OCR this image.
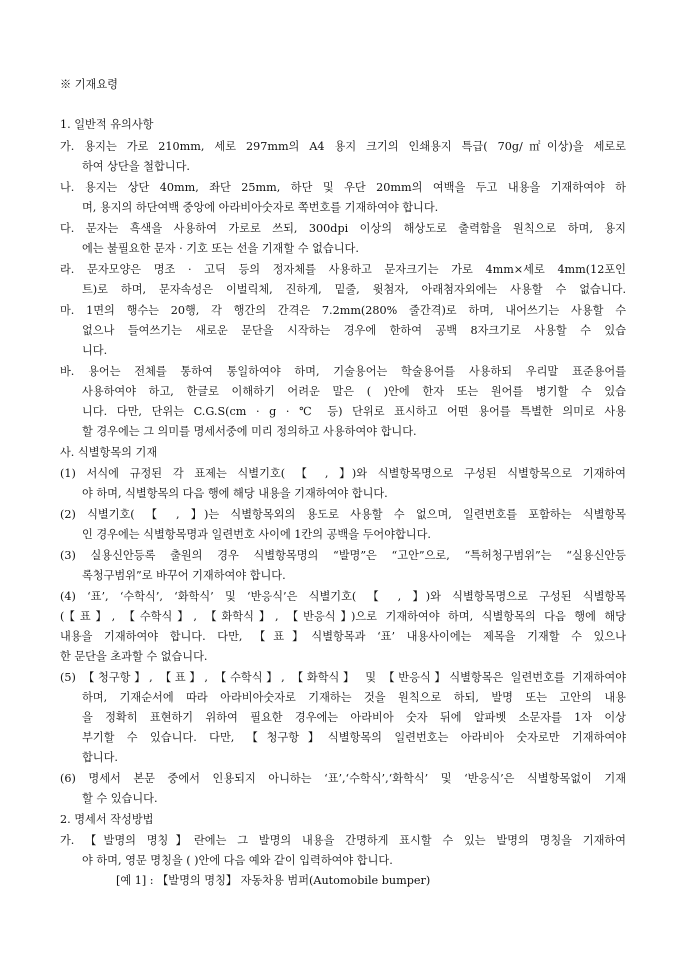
※ 기재요령
1. 일반적 유의사항
가. 용지는 가로 210mm, 세로 297mm의 A4 용지 크기의 인쇄용지 특급( 70g/㎡이상)을 세로로
하여 상단을 철합니다.
나. 용지는 상단 40mm, 좌단 25mm, 하단 및 우단 20mm의 여백을 두고 내용을 기재하여야 하
며, 용지의 하단여백 중앙에 아라비아숫자로 쪽번호를 기재하여야 합니다.
다. 문자는 흑색을 사용하여 가로로 쓰되, 300dpi 이상의 해상도로 출력함을 원칙으로 하며, 용지
에는 불필요한 문자 · 기호 또는 선을 기재할 수 없습니다.
라. 문자모양은 명조 · 고딕 등의 정자체를 사용하고 문자크기는 가로 4mm×세로 4mm(12포인
트)로 하며, 문자속성은 이벌릭체, 진하게, 밑줄, 윗첨자, 아래첨자외에는 사용할 수 없습니다.
마. 1면의 행수는 20행, 각 행간의 간격은 7.2mm(280% 줄간격)로 하며, 내어쓰기는 사용할 수
없으나 들여쓰기는 새로운 문단을 시작하는 경우에 한하여 공백 8자크기로 사용할 수 있습
니다.
바. 용어는 전체를 통하여 통일하여야 하며, 기술용어는 학술용어를 사용하되 우리말 표준용어를
사용하여야 하고, 한글로 이해하기 어려운 말은 ( )안에 한자 또는 원어를 병기할 수 있습
니다. 다만, 단위는 C.G.S(cm · g · ℃ 등) 단위로 표시하고 어떤 용어를 특별한 의미로 사용
할 경우에는 그 의미를 명세서중에 미리 정의하고 사용하여야 합니다.
사. 식별항목의 기재
(1) 서식에 규정된 각 표제는 식별기호( 【 , 】)와 식별항목명으로 구성된 식별항목으로 기재하여
야 하며, 식별항목의 다음 행에 해당 내용을 기재하여야 합니다.
(2) 식별기호( 【 , 】)는 식별항목외의 용도로 사용할 수 없으며, 일련번호를 포함하는 식별항목
인 경우에는 식별항목명과 일련번호 사이에 1칸의 공백을 두어야합니다.
(3) 실용신안등록 출원의 경우 식별항목명의 “발명”은 “고안”으로, “특허청구범위”는 “실용신안등
록청구범위”로 바꾸어 기재하여야 합니다.
(4) ‘표’, ‘수학식’, ‘화학식’ 및 ‘반응식’은 식별기호( 【 , 】)와 식별항목명으로 구성된 식별항목
(【표】, 【수학식】, 【화학식】, 【반응식】)으로 기재하여야 하며, 식별항목의 다음 행에 해당
내용을 기재하여야 합니다. 다만, 【표】식별항목과 ‘표’ 내용사이에는 제목을 기재할 수 있으나
한 문단을 초과할 수 없습니다.
(5) 【청구항】, 【표】, 【수학식】, 【화학식】 및 【반응식】식별항목은 일련번호를 기재하여야
하며, 기재순서에 따라 아라비아숫자로 기재하는 것을 원칙으로 하되, 발명 또는 고안의 내용
을 정확히 표현하기 위하여 필요한 경우에는 아라비아 숫자 뒤에 알파벳 소문자를 1자 이상
부기할 수 있습니다. 다만, 【청구항】식별항목의 일련번호는 아라비아 숫자로만 기재하여야
합니다.
(6) 명세서 본문 중에서 인용되지 아니하는 ‘표’,‘수학식’,‘화학식’ 및 ‘반응식’은 식별항목없이 기재
할 수 있습니다.
2. 명세서 작성방법
가. 【발명의 명칭】란에는 그 발명의 내용을 간명하게 표시할 수 있는 발명의 명칭을 기재하여
야 하며, 영문 명칭을 ( )안에 다음 예와 같이 입력하여야 합니다.
[예 1] : 【발명의 명칭】 자동차용 범퍼(Automobile bumper)
